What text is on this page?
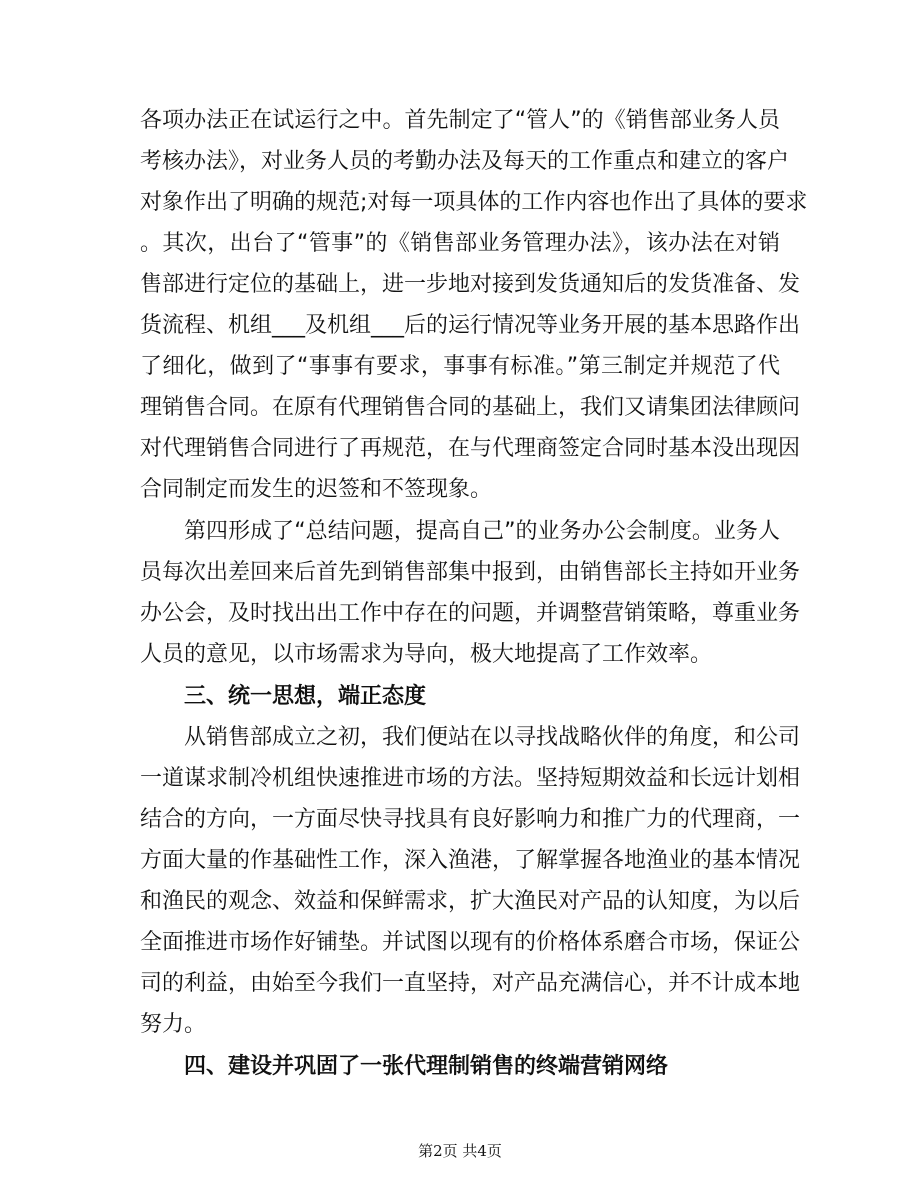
各项办法正在试运行之中。首先制定了“管人”的《销售部业务人员
考核办法》，对业务人员的考勤办法及每天的工作重点和建立的客户
对象作出了明确的规范;对每一项具体的工作内容也作出了具体的要求
。其次，出台了“管事”的《销售部业务管理办法》，该办法在对销
售部进行定位的基础上，进一步地对接到发货通知后的发货准备、发
货流程、机组___及机组___后的运行情况等业务开展的基本思路作出
了细化，做到了“事事有要求，事事有标准。”第三制定并规范了代
理销售合同。在原有代理销售合同的基础上，我们又请集团法律顾问
对代理销售合同进行了再规范，在与代理商签定合同时基本没出现因
合同制定而发生的迟签和不签现象。
第四形成了“总结问题，提高自己”的业务办公会制度。业务人
员每次出差回来后首先到销售部集中报到，由销售部长主持如开业务
办公会，及时找出出工作中存在的问题，并调整营销策略，尊重业务
人员的意见，以市场需求为导向，极大地提高了工作效率。
三、统一思想，端正态度
从销售部成立之初，我们便站在以寻找战略伙伴的角度，和公司
一道谋求制冷机组快速推进市场的方法。坚持短期效益和长远计划相
结合的方向，一方面尽快寻找具有良好影响力和推广力的代理商，一
方面大量的作基础性工作，深入渔港，了解掌握各地渔业的基本情况
和渔民的观念、效益和保鲜需求，扩大渔民对产品的认知度，为以后
全面推进市场作好铺垫。并试图以现有的价格体系磨合市场，保证公
司的利益，由始至今我们一直坚持，对产品充满信心，并不计成本地
努力。
四、建设并巩固了一张代理制销售的终端营销网络
第2页 共4页
